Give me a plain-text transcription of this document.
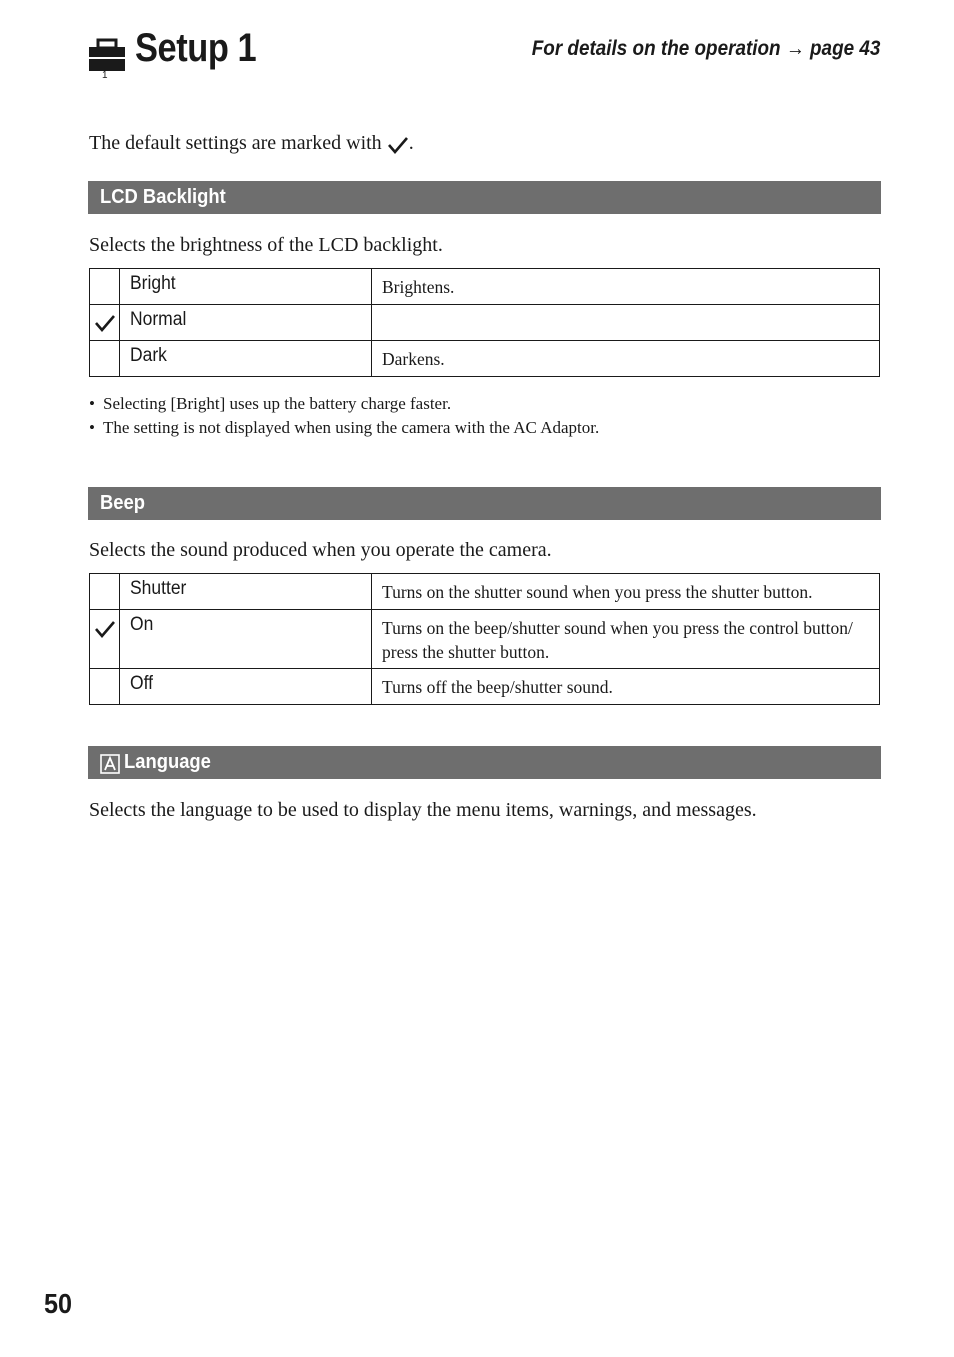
1
Setup 1	For details on the operation → page 43
The default settings are marked with .
LCD Backlight
Selects the brightness of the LCD backlight.
	Bright	Brightens.

	Normal	
	Dark	Darkens.
• Selecting [Bright] uses up the battery charge faster.
• The setting is not displayed when using the camera with the AC Adaptor.
Beep
Selects the sound produced when you operate the camera.
	Shutter	Turns on the shutter sound when you press the shutter button.

	On	Turns on the beep/shutter sound when you press the control button/ press the shutter button.
	Off	Turns off the beep/shutter sound.
Language
Selects the language to be used to display the menu items, warnings, and messages.
50
